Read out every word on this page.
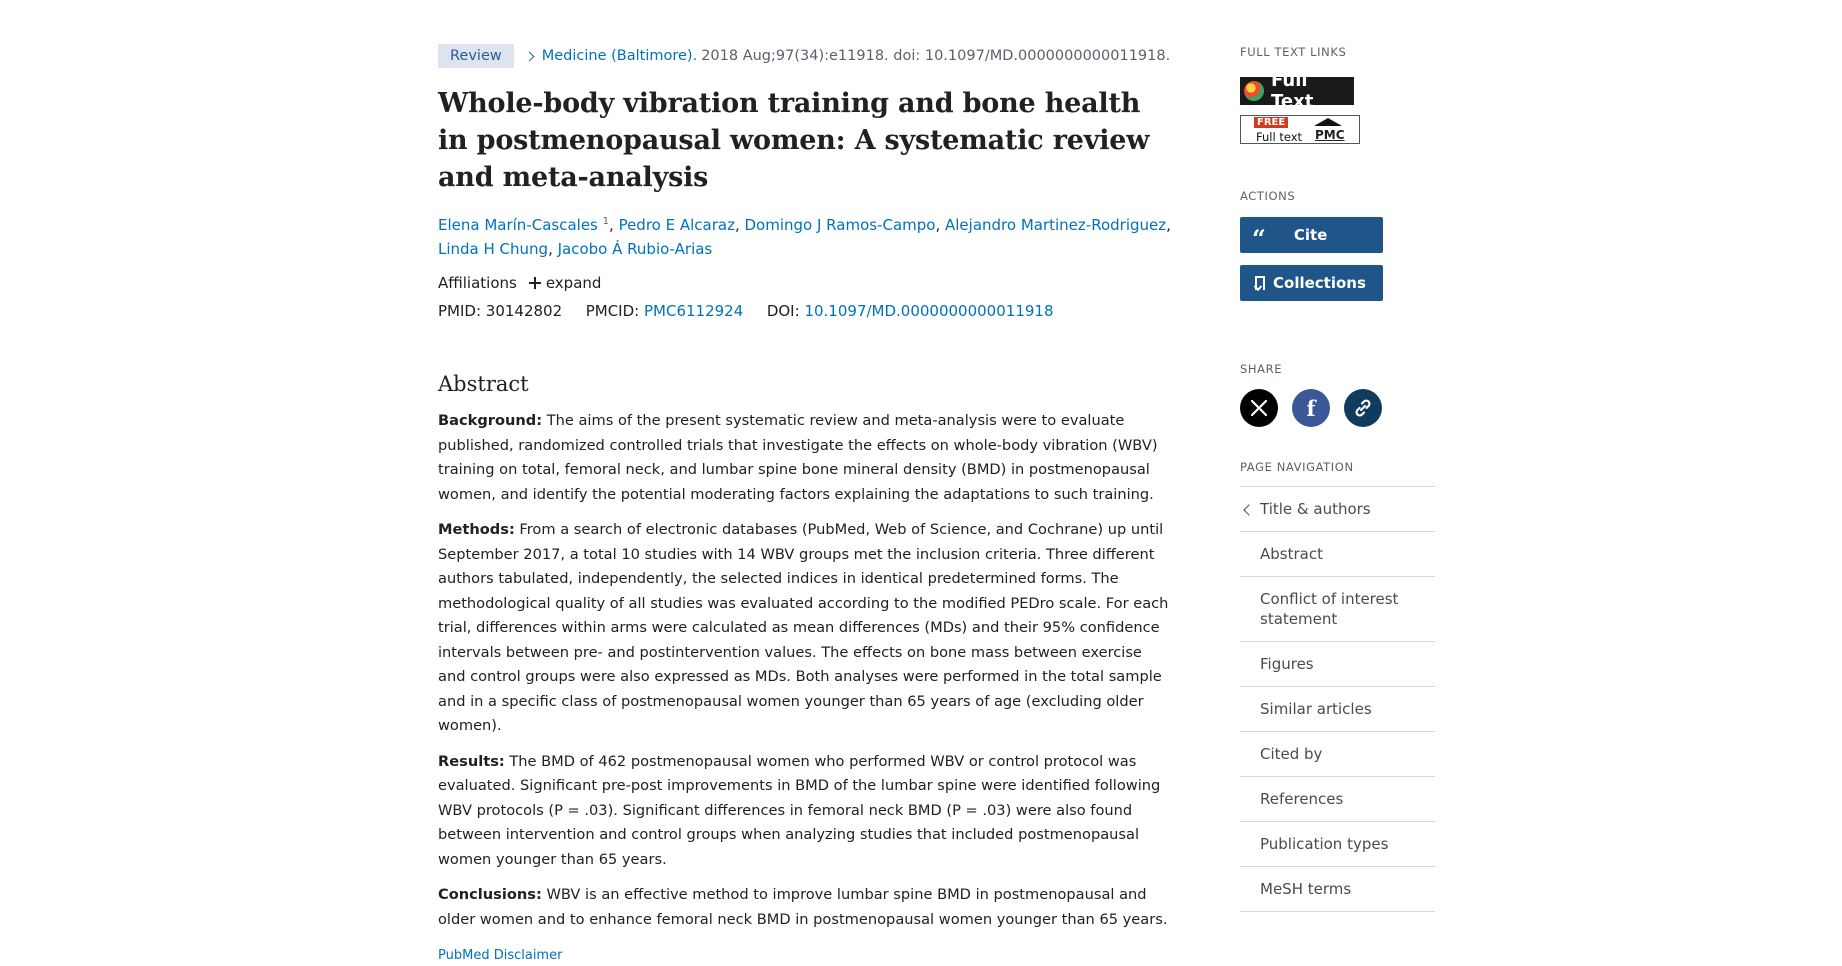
Review	Medicine (Baltimore). 2018 Aug;97(34):e11918. doi: 10.1097/MD.0000000000011918.
Whole-body vibration training and bone health in postmenopausal women: A systematic review and meta-analysis
Elena Marín-Cascales $^1$, Pedro E Alcaraz, Domingo J Ramos-Campo, Alejandro Martinez-Rodriguez,
Linda H Chung, Jacobo Á Rubio-Arias
Affiliations expand
PMID: 30142802 PMCID: PMC6112924 DOI: 10.1097/MD.0000000000011918
Abstract

Background: The aims of the present systematic review and meta-analysis were to evaluate published, randomized controlled trials that investigate the effects on whole-body vibration (WBV) training on total, femoral neck, and lumbar spine bone mineral density (BMD) in postmenopausal women, and identify the potential moderating factors explaining the adaptations to such training.

Methods: From a search of electronic databases (PubMed, Web of Science, and Cochrane) up until September 2017, a total 10 studies with 14 WBV groups met the inclusion criteria. Three different authors tabulated, independently, the selected indices in identical predetermined forms. The methodological quality of all studies was evaluated according to the modified PEDro scale. For each trial, differences within arms were calculated as mean differences (MDs) and their 95% confidence intervals between pre- and postintervention values. The effects on bone mass between exercise and control groups were also expressed as MDs. Both analyses were performed in the total sample and in a specific class of postmenopausal women younger than 65 years of age (excluding older women).

Results: The BMD of 462 postmenopausal women who performed WBV or control protocol was evaluated. Significant pre-post improvements in BMD of the lumbar spine were identified following WBV protocols (P = .03). Significant differences in femoral neck BMD (P = .03) were also found between intervention and control groups when analyzing studies that included postmenopausal women younger than 65 years.

Conclusions: WBV is an effective method to improve lumbar spine BMD in postmenopausal and older women and to enhance femoral neck BMD in postmenopausal women younger than 65 years.

PubMed Disclaimer
FULL TEXT LINKS
Full Text
FREE
Full text PMC
ACTIONS
“ Cite
Collections
SHARE
f
PAGE NAVIGATION
Title & authors
Abstract
Conflict of interest statement
Figures
Similar articles
Cited by
References
Publication types
MeSH terms
